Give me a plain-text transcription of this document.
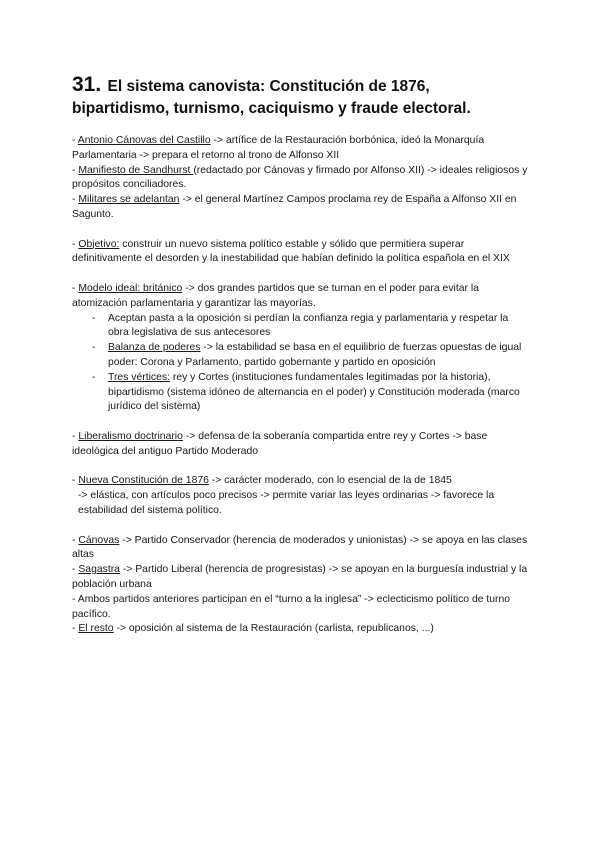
31. El sistema canovista: Constitución de 1876, bipartidismo, turnismo, caciquismo y fraude electoral.

- Antonio Cánovas del Castillo -> artífice de la Restauración borbónica, ideó la Monarquía Parlamentaria -> prepara el retorno al trono de Alfonso XII

- Manifiesto de Sandhurst (redactado por Cánovas y firmado por Alfonso XII) -> ideales religiosos y propósitos conciliadores.

- Militares se adelantan -> el general Martínez Campos proclama rey de España a Alfonso XII en Sagunto.

- Objetivo: construir un nuevo sistema político estable y sólido que permitiera superar definitivamente el desorden y la inestabilidad que habían definido la política española en el XIX

- Modelo ideal: británico -> dos grandes partidos que se turnan en el poder para evitar la atomización parlamentaria y garantizar las mayorías.

- Aceptan pasta a la oposición si perdían la confianza regia y parlamentaria y respetar la obra legislativa de sus antecesores
- Balanza de poderes -> la estabilidad se basa en el equilibrio de fuerzas opuestas de igual poder: Corona y Parlamento, partido gobernante y partido en oposición
- Tres vértices: rey y Cortes (instituciones fundamentales legitimadas por la historia), bipartidismo (sistema idóneo de alternancia en el poder) y Constitución moderada (marco jurídico del sistema)

- Liberalismo doctrinario -> defensa de la soberanía compartida entre rey y Cortes -> base ideológica del antiguo Partido Moderado

- Nueva Constitución de 1876 -> carácter moderado, con lo esencial de la de 1845

-> elástica, con artículos poco precisos -> permite variar las leyes ordinarias -> favorece la estabilidad del sistema político.

- Cánovas -> Partido Conservador (herencia de moderados y unionistas) -> se apoya en las clases altas

- Sagastra -> Partido Liberal (herencia de progresistas) -> se apoyan en la burguesía industrial y la población urbana

- Ambos partidos anteriores participan en el “turno a la inglesa” -> eclecticismo político de turno pacífico.

- El resto -> oposición al sistema de la Restauración (carlista, republicanos, ...)
